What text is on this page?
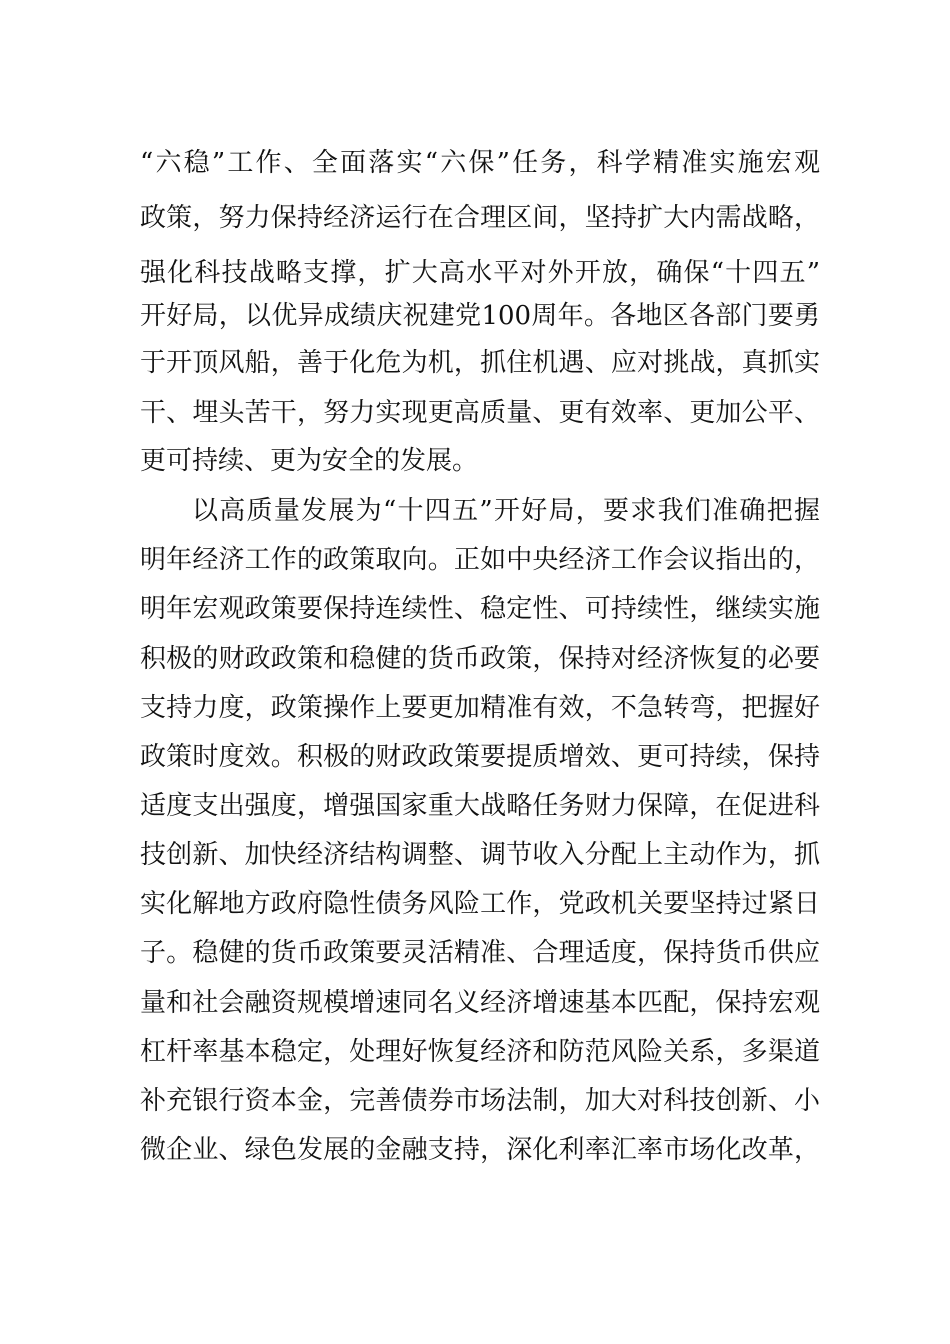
“六稳”工作、全面落实“六保”任务，科学精准实施宏观
政策，努力保持经济运行在合理区间，坚持扩大内需战略，
强化科技战略支撑，扩大高水平对外开放，确保“十四五”
开好局，以优异成绩庆祝建党100周年。各地区各部门要勇
于开顶风船，善于化危为机，抓住机遇、应对挑战，真抓实
干、埋头苦干，努力实现更高质量、更有效率、更加公平、
更可持续、更为安全的发展。
以高质量发展为“十四五”开好局，要求我们准确把握
明年经济工作的政策取向。正如中央经济工作会议指出的，
明年宏观政策要保持连续性、稳定性、可持续性，继续实施
积极的财政政策和稳健的货币政策，保持对经济恢复的必要
支持力度，政策操作上要更加精准有效，不急转弯，把握好
政策时度效。积极的财政政策要提质增效、更可持续，保持
适度支出强度，增强国家重大战略任务财力保障，在促进科
技创新、加快经济结构调整、调节收入分配上主动作为，抓
实化解地方政府隐性债务风险工作，党政机关要坚持过紧日
子。稳健的货币政策要灵活精准、合理适度，保持货币供应
量和社会融资规模增速同名义经济增速基本匹配，保持宏观
杠杆率基本稳定，处理好恢复经济和防范风险关系，多渠道
补充银行资本金，完善债券市场法制，加大对科技创新、小
微企业、绿色发展的金融支持，深化利率汇率市场化改革，
